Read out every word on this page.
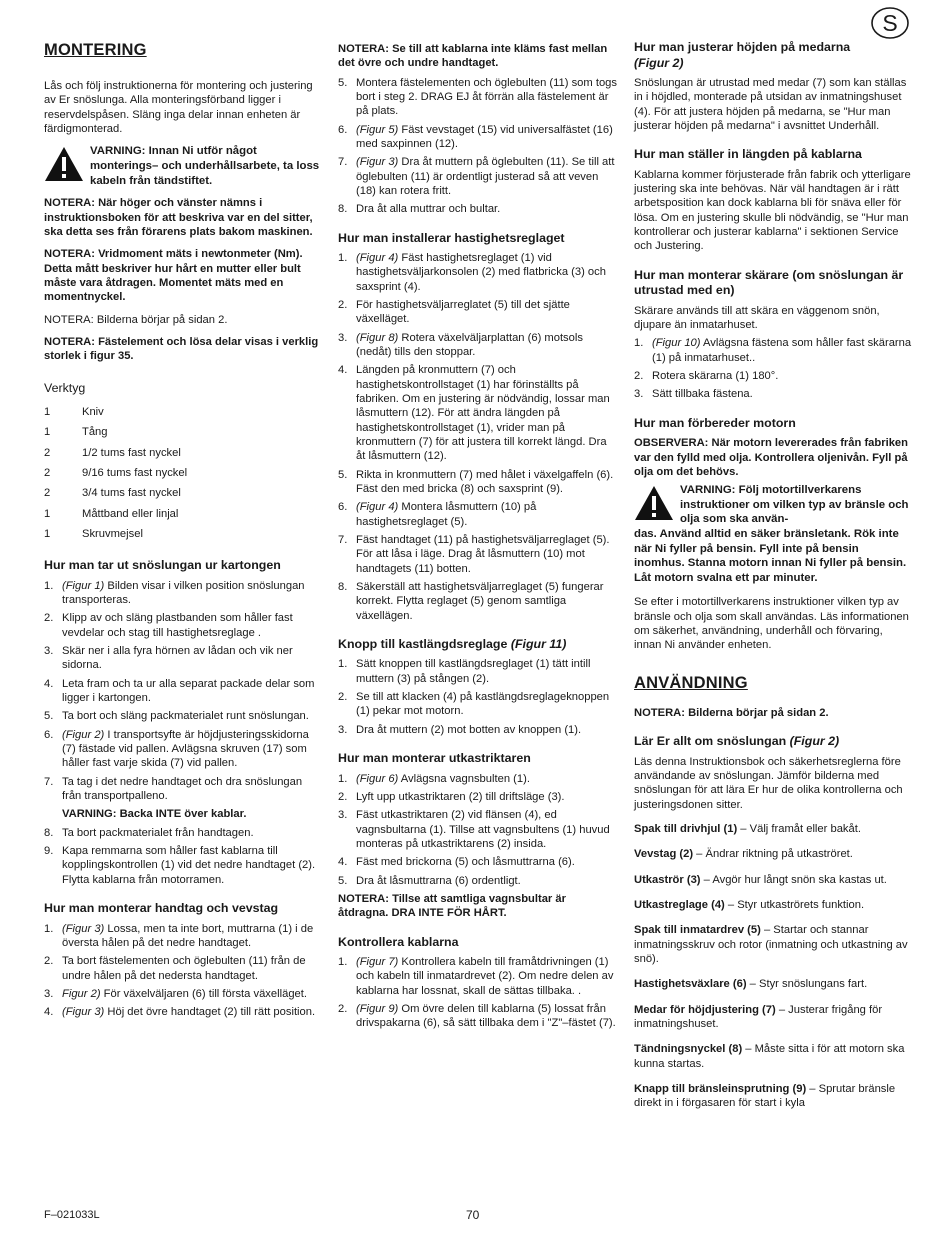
S
MONTERING

Lås och följ instruktionerna för montering och justering av Er snöslunga. Alla monteringsförband ligger i reservdelspåsen. Släng inga delar innan enheten är färdigmonterad.

VARNING: Innan Ni utför något monterings– och underhållsarbete, ta loss kabeln från tändstiftet.

NOTERA: När höger och vänster nämns i instruktionsboken för att beskriva var en del sitter, ska detta ses från förarens plats bakom maskinen.

NOTERA: Vridmoment mäts i newtonmeter (Nm). Detta mått beskriver hur hårt en mutter eller bult måste vara åtdragen. Momentet mäts med en momentnyckel.

NOTERA: Bilderna börjar på sidan 2.

NOTERA: Fästelement och lösa delar visas i verklig storlek i figur 35.

Verktyg
1	Kniv
1	Tång
2	1/2 tums fast nyckel
2	9/16 tums fast nyckel
2	3/4 tums fast nyckel
1	Måttband eller linjal
1	Skruvmejsel
Hur man tar ut snöslungan ur kartongen
1. (Figur 1) Bilden visar i vilken position snöslungan transporteras.
2. Klipp av och släng plastbanden som håller fast vevdelar och stag till hastighetsreglage .
3. Skär ner i alla fyra hörnen av lådan och vik ner sidorna.
4. Leta fram och ta ur alla separat packade delar som ligger i kartongen.
5. Ta bort och släng packmaterialet runt snöslungan.
6. (Figur 2) I transportsyfte är höjdjusteringsskidorna (7) fästade vid pallen. Avlägsna skruven (17) som håller fast varje skida (7) vid pallen.
7. Ta tag i det nedre handtaget och dra snöslungan från transportpalleno.
VARNING: Backa INTE över kablar.
8. Ta bort packmaterialet från handtagen.
9. Kapa remmarna som håller fast kablarna till kopplingskontrollen (1) vid det nedre handtaget (2). Flytta kablarna från motorramen.
Hur man monterar handtag och vevstag
1. (Figur 3) Lossa, men ta inte bort, muttrarna (1) i de översta hålen på det nedre handtaget.
2. Ta bort fästelementen och öglebulten (11) från de undre hålen på det nedersta handtaget.
3. Figur 2) För växelväljaren (6) till första växelläget.
4. (Figur 3) Höj det övre handtaget (2) till rätt position.

NOTERA: Se till att kablarna inte kläms fast mellan det övre och undre handtaget.

5. Montera fästelementen och öglebulten (11) som togs bort i steg 2. DRAG EJ åt förrän alla fästelement är på plats.
6. (Figur 5) Fäst vevstaget (15) vid universalfästet (16) med saxpinnen (12).
7. (Figur 3) Dra åt muttern på öglebulten (11). Se till att öglebulten (11) är ordentligt justerad så att veven (18) kan rotera fritt.
8. Dra åt alla muttrar och bultar.
Hur man installerar hastighetsreglaget
1. (Figur 4) Fäst hastighetsreglaget (1) vid hastighetsväljarkonsolen (2) med flatbricka (3) och saxsprint (4).
2. För hastighetsväljarreglatet (5) till det sjätte växelläget.
3. (Figur 8) Rotera växelväljarplattan (6) motsols (nedåt) tills den stoppar.
4. Längden på kronmuttern (7) och hastighetskontrollstaget (1) har förinställts på fabriken. Om en justering är nödvändig, lossar man låsmuttern (12). För att ändra längden på hastighetskontrollstaget (1), vrider man på kronmuttern (7) för att justera till korrekt längd. Dra åt låsmuttern (12).
5. Rikta in kronmuttern (7) med hålet i växelgaffeln (6). Fäst den med bricka (8) och saxsprint (9).
6. (Figur 4) Montera låsmuttern (10) på hastighetsreglaget (5).
7. Fäst handtaget (11) på hastighetsväljarreglaget (5). För att låsa i läge. Drag åt låsmuttern (10) mot handtagets (11) botten.
8. Säkerställ att hastighetsväljarreglaget (5) fungerar korrekt. Flytta reglaget (5) genom samtliga växellägen.
Knopp till kastlängdsreglage (Figur 11)
1. Sätt knoppen till kastlängdsreglaget (1) tätt intill muttern (3) på stången (2).
2. Se till att klacken (4) på kastlängdsreglageknoppen (1) pekar mot motorn.
3. Dra åt muttern (2) mot botten av knoppen (1).
Hur man monterar utkastriktaren
1. (Figur 6) Avlägsna vagnsbulten (1).
2. Lyft upp utkastriktaren (2) till driftsläge (3).
3. Fäst utkastriktaren (2) vid flänsen (4), ed vagnsbultarna (1). Tillse att vagnsbultens (1) huvud monteras på utkastriktarens (2) insida.
4. Fäst med brickorna (5) och låsmuttrarna (6).
5. Dra åt låsmuttrarna (6) ordentligt.

NOTERA: Tillse att samtliga vagnsbultar är åtdragna. DRA INTE FÖR HÅRT.

Kontrollera kablarna
1. (Figur 7) Kontrollera kabeln till framåtdrivningen (1) och kabeln till inmatardrevet (2). Om nedre delen av kablarna har lossnat, skall de sättas tillbaka. .
2. (Figur 9) Om övre delen till kablarna (5) lossat från drivspakarna (6), så sätt tillbaka dem i "Z"–fästet (7).
Hur man justerar höjden på medarna
(Figur 2)

Snöslungan är utrustad med medar (7) som kan ställas in i höjdled, monterade på utsidan av inmatningshuset (4). För att justera höjden på medarna, se "Hur man justerar höjden på medarna" i avsnittet Underhåll.

Hur man ställer in längden på kablarna

Kablarna kommer förjusterade från fabrik och ytterligare justering ska inte behövas. När väl handtagen är i rätt arbetsposition kan dock kablarna bli för snäva eller för lösa. Om en justering skulle bli nödvändig, se "Hur man kontrollerar och justerar kablarna" i sektionen Service och Justering.

Hur man monterar skärare (om snöslungan är utrustad med en)

Skärare används till att skära en väggenom snön, djupare än inmatarhuset.

1. (Figur 10) Avlägsna fästena som håller fast skärarna (1) på inmatarhuset..
2. Rotera skärarna (1) 180°.
3. Sätt tillbaka fästena.
Hur man förbereder motorn

OBSERVERA: När motorn levererades från fabriken var den fylld med olja. Kontrollera oljenivån. Fyll på olja om det behövs.

VARNING: Följ motortillverkarens instruktioner om vilken typ av bränsle och olja som ska använ-
das. Använd alltid en säker bränsletank. Rök inte när Ni fyller på bensin. Fyll inte på bensin inomhus. Stanna motorn innan Ni fyller på bensin. Låt motorn svalna ett par minuter.

Se efter i motortillverkarens instruktioner vilken typ av bränsle och olja som skall användas. Läs informationen om säkerhet, användning, underhåll och förvaring, innan Ni använder enheten.

ANVÄNDNING

NOTERA: Bilderna börjar på sidan 2.

Lär Er allt om snöslungan (Figur 2)

Läs denna Instruktionsbok och säkerhetsreglerna före användande av snöslungan. Jämför bilderna med snöslungan för att lära Er hur de olika kontrollerna och justeringsdonen sitter.

Spak till drivhjul (1) – Välj framåt eller bakåt.

Vevstag (2) – Ändrar riktning på utkaströret.

Utkaströr (3) – Avgör hur långt snön ska kastas ut.

Utkastreglage (4) – Styr utkaströrets funktion.

Spak till inmatardrev (5) – Startar och stannar inmatningsskruv och rotor (inmatning och utkastning av snö).

Hastighetsväxlare (6) – Styr snöslungans fart.

Medar för höjdjustering (7) – Justerar frigång för inmatningshuset.

Tändningsnyckel (8) – Måste sitta i för att motorn ska kunna startas.

Knapp till bränsleinsprutning (9) – Sprutar bränsle direkt in i förgasaren för start i kyla

F–021033L	70
